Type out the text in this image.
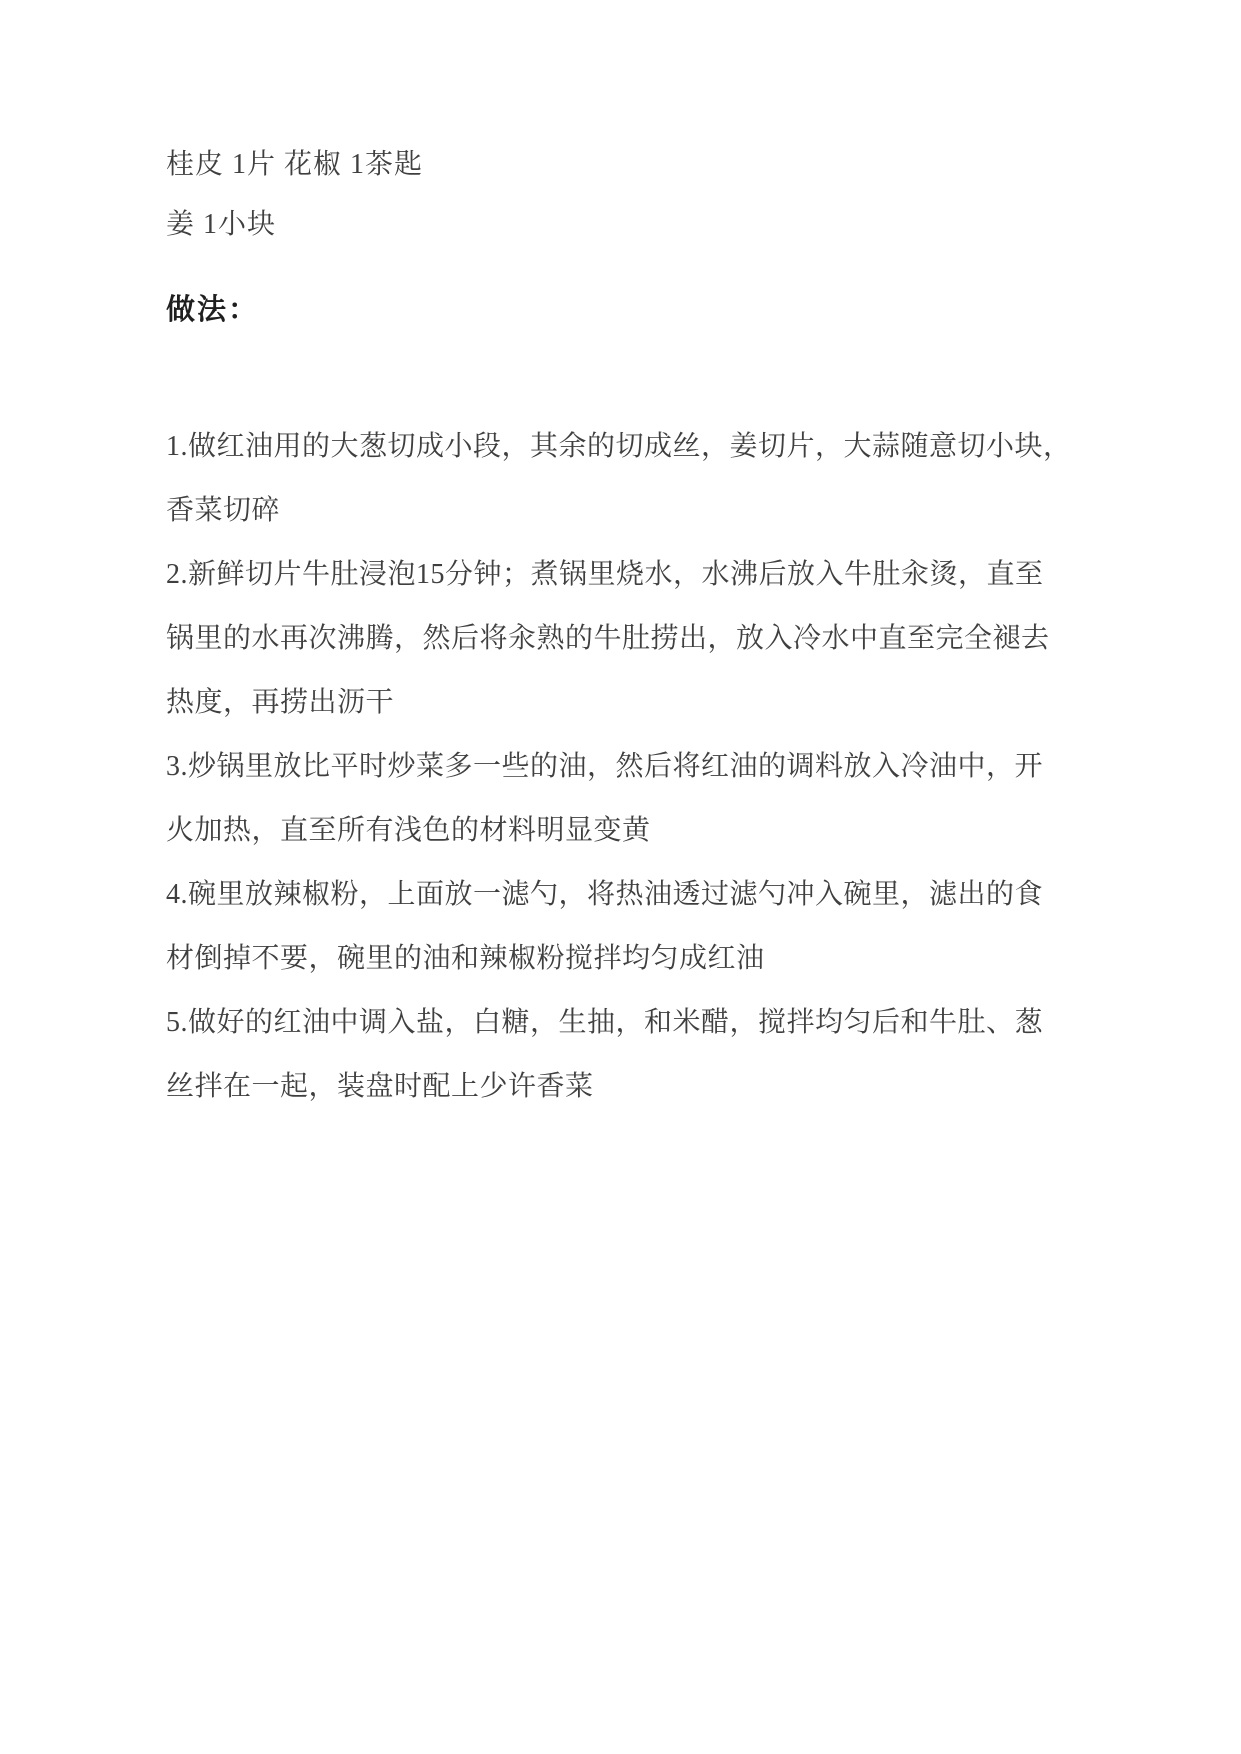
桂皮 1片 花椒 1茶匙

姜 1小块

做法：

1.做红油用的大葱切成小段，其余的切成丝，姜切片，大蒜随意切小块，

香菜切碎

2.新鲜切片牛肚浸泡15分钟；煮锅里烧水，水沸后放入牛肚汆烫，直至

锅里的水再次沸腾，然后将汆熟的牛肚捞出，放入冷水中直至完全褪去

热度，再捞出沥干

3.炒锅里放比平时炒菜多一些的油，然后将红油的调料放入冷油中，开

火加热，直至所有浅色的材料明显变黄

4.碗里放辣椒粉，上面放一滤勺，将热油透过滤勺冲入碗里，滤出的食

材倒掉不要，碗里的油和辣椒粉搅拌均匀成红油

5.做好的红油中调入盐，白糖，生抽，和米醋，搅拌均匀后和牛肚、葱

丝拌在一起，装盘时配上少许香菜
